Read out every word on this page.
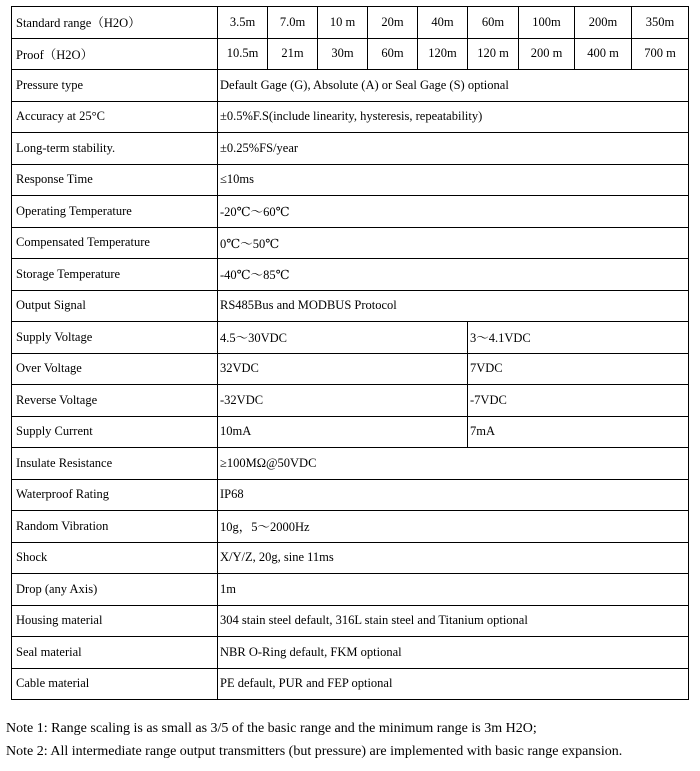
Standard range（H2O）	3.5m	7.0m	10 m	20m	40m	60m	100m	200m	350m
Proof（H2O）	10.5m	21m	30m	60m	120m	120 m	200 m	400 m	700 m
Pressure type	Default Gage (G), Absolute (A) or Seal Gage (S) optional								
Accuracy at 25°C	±0.5%F.S(include linearity, hysteresis, repeatability)								
Long-term stability.	±0.25%FS/year								
Response Time	≤10ms								
Operating Temperature	-20℃～60℃								
Compensated Temperature	0℃～50℃								
Storage Temperature	-40℃～85℃								
Output Signal	RS485Bus and MODBUS Protocol								
Supply Voltage	4.5～30VDC					3～4.1VDC			
Over Voltage	32VDC					7VDC			
Reverse Voltage	-32VDC					-7VDC			
Supply Current	10mA					7mA			
Insulate Resistance	≥100MΩ@50VDC								
Waterproof Rating	IP68								
Random Vibration	10g，5～2000Hz								
Shock	X/Y/Z, 20g, sine 11ms								
Drop (any Axis)	1m								
Housing material	304 stain steel default, 316L stain steel and Titanium optional								
Seal material	NBR O-Ring default, FKM optional								
Cable material	PE default, PUR and FEP optional								
Note 1: Range scaling is as small as 3/5 of the basic range and the minimum range is 3m H2O;
Note 2: All intermediate range output transmitters (but pressure) are implemented with basic range expansion.
